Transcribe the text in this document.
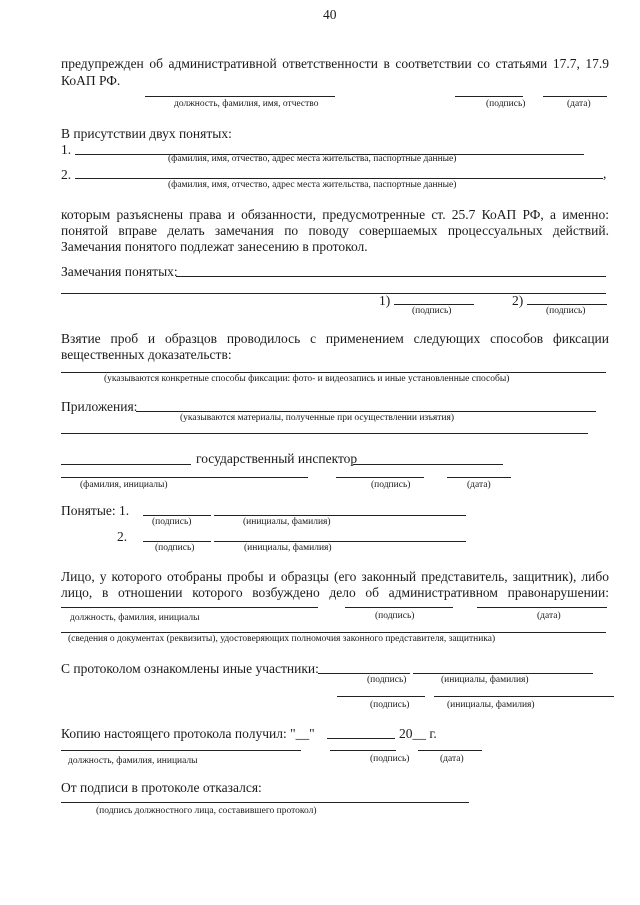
40
предупрежден об административной ответственности в соответствии со статьями 17.7, 17.9
КоАП РФ.
должность, фамилия, имя, отчество	(подпись)	(дата)
В присутствии двух понятых:
1.
(фамилия, имя, отчество, адрес места жительства, паспортные данные)
2.	,
(фамилия, имя, отчество, адрес места жительства, паспортные данные)
которым разъяснены права и обязанности, предусмотренные ст. 25.7 КоАП РФ, а именно:
понятой вправе делать замечания по поводу совершаемых процессуальных действий.
Замечания понятого подлежат занесению в протокол.
Замечания понятых:
1)	2)
(подпись)	(подпись)
Взятие проб и образцов проводилось с применением следующих способов фиксации
вещественных доказательств:
(указываются конкретные способы фиксации: фото- и видеозапись и иные установленные способы)
Приложения:
(указываются материалы, полученные при осуществлении изъятия)
государственный инспектор
(фамилия, инициалы)	(подпись)	(дата)
Понятые: 1.
(подпись)	(инициалы, фамилия)
2.
(подпись)	(инициалы, фамилия)
Лицо, у которого отобраны пробы и образцы (его законный представитель, защитник), либо
лицо, в отношении которого возбуждено дело об административном правонарушении:
должность, фамилия, инициалы	(подпись)	(дата)
(сведения о документах (реквизиты), удостоверяющих полномочия законного представителя, защитника)
С протоколом ознакомлены иные участники:
(подпись)	(инициалы, фамилия)
(подпись)	(инициалы, фамилия)
Копию настоящего протокола получил: "__"	20__ г.
должность, фамилия, инициалы	(подпись)	(дата)
От подписи в протоколе отказался:
(подпись должностного лица, составившего протокол)
